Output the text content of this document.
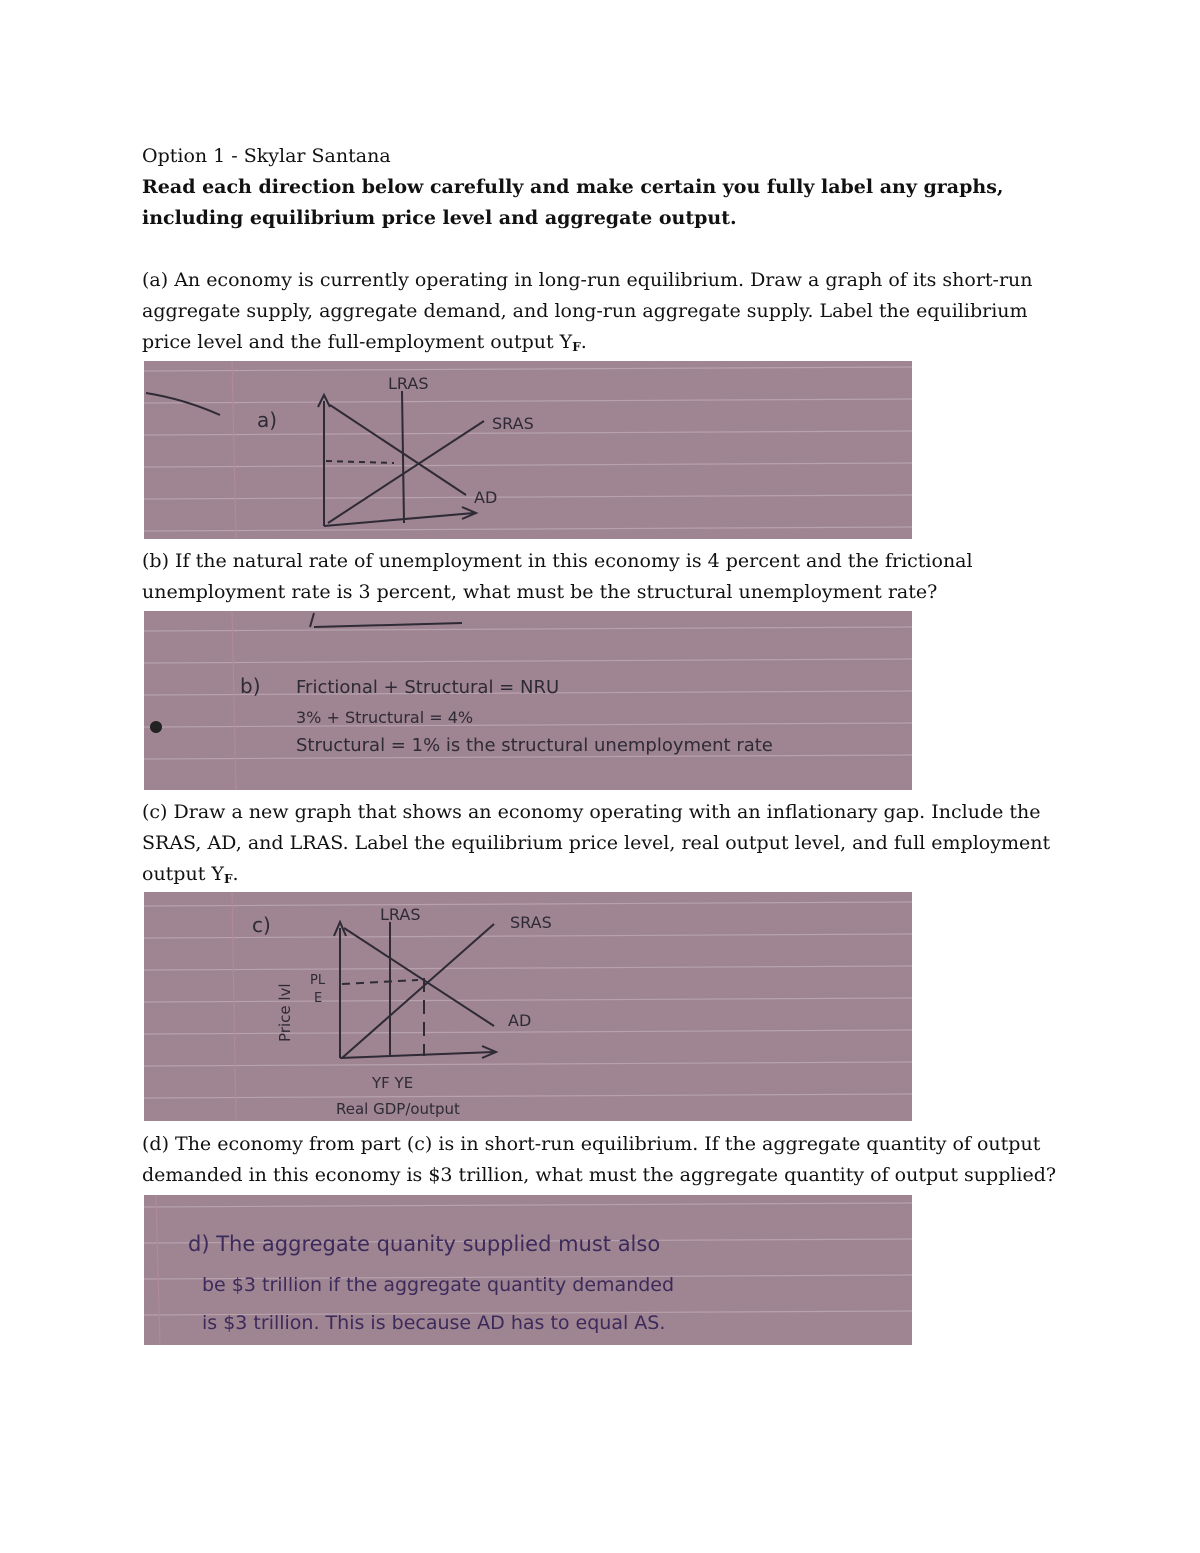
Option 1 - Skylar Santana

Read each direction below carefully and make certain you fully label any graphs, including equilibrium price level and aggregate output.

(a) An economy is currently operating in long-run equilibrium. Draw a graph of its short-run aggregate supply, aggregate demand, and long-run aggregate supply. Label the equilibrium price level and the full-employment output $Y_F$.

a)
LRAS
SRAS
AD

(b) If the natural rate of unemployment in this economy is 4 percent and the frictional unemployment rate is 3 percent, what must be the structural unemployment rate?

b) Frictional + Structural = NRU
3% + Structural = 4%
Structural = 1% is the structural unemployment rate

(c) Draw a new graph that shows an economy operating with an inflationary gap. Include the SRAS, AD, and LRAS. Label the equilibrium price level, real output level, and full employment output $Y_F$.

c)
Price lvl
PL
E
LRAS	SRAS
AD
YF YE
Real GDP/output

(d) The economy from part (c) is in short-run equilibrium. If the aggregate quantity of output demanded in this economy is $3 trillion, what must the aggregate quantity of output supplied?

d) The aggregate quanity supplied must also
be $3 trillion if the aggregate quantity demanded
is $3 trillion. This is because AD has to equal AS.
